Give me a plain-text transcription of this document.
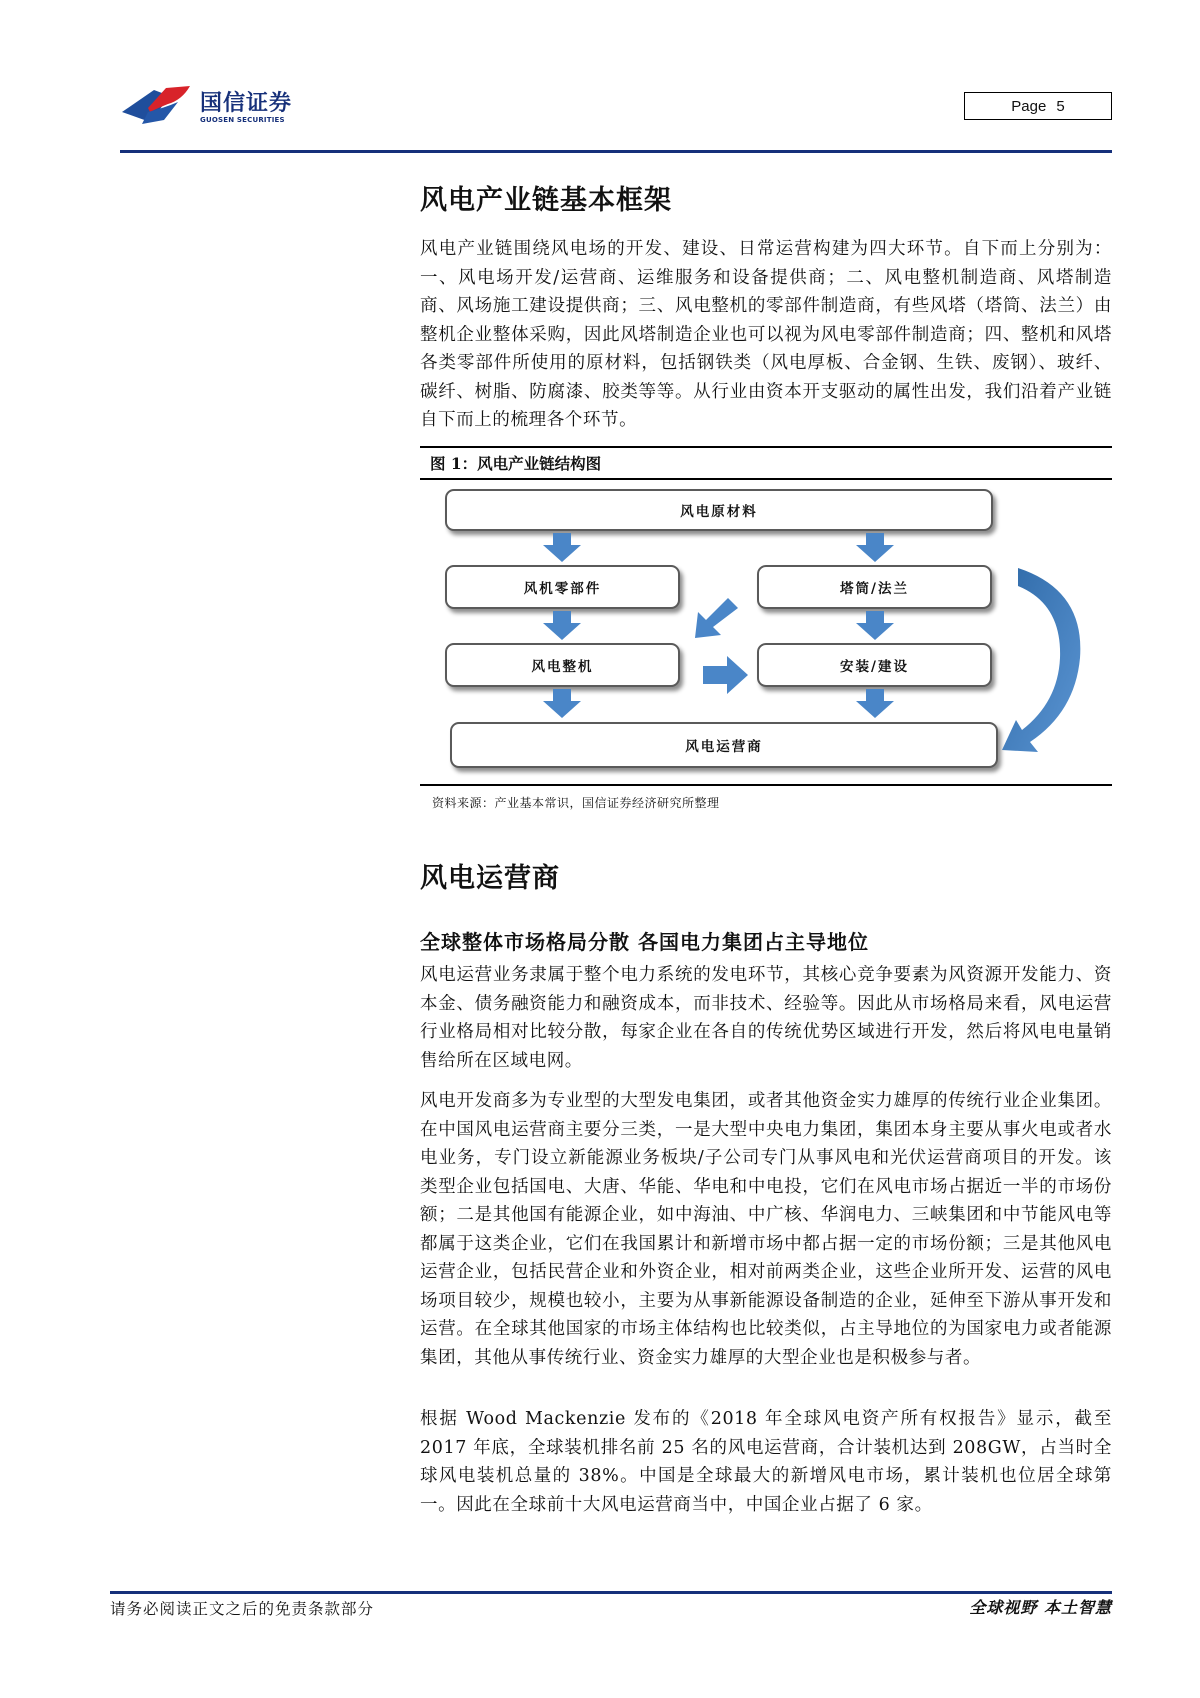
国信证券
GUOSEN SECURITIES
Page 5
风电产业链基本框架
风电产业链围绕风电场的开发、建设、日常运营构建为四大环节。自下而上分别为：一、风电场开发/运营商、运维服务和设备提供商；二、风电整机制造商、风塔制造商、风场施工建设提供商；三、风电整机的零部件制造商，有些风塔（塔筒、法兰）由整机企业整体采购，因此风塔制造企业也可以视为风电零部件制造商；四、整机和风塔各类零部件所使用的原材料，包括钢铁类（风电厚板、合金钢、生铁、废钢）、玻纤、碳纤、树脂、防腐漆、胶类等等。从行业由资本开支驱动的属性出发，我们沿着产业链自下而上的梳理各个环节。
图 1：风电产业链结构图
风电原材料
风机零部件	塔筒/法兰
风电整机	安装/建设
风电运营商
资料来源：产业基本常识，国信证券经济研究所整理
风电运营商
全球整体市场格局分散 各国电力集团占主导地位
风电运营业务隶属于整个电力系统的发电环节，其核心竞争要素为风资源开发能力、资本金、债务融资能力和融资成本，而非技术、经验等。因此从市场格局来看，风电运营行业格局相对比较分散，每家企业在各自的传统优势区域进行开发，然后将风电电量销售给所在区域电网。
风电开发商多为专业型的大型发电集团，或者其他资金实力雄厚的传统行业企业集团。在中国风电运营商主要分三类，一是大型中央电力集团，集团本身主要从事火电或者水电业务，专门设立新能源业务板块/子公司专门从事风电和光伏运营商项目的开发。该类型企业包括国电、大唐、华能、华电和中电投，它们在风电市场占据近一半的市场份额；二是其他国有能源企业，如中海油、中广核、华润电力、三峡集团和中节能风电等都属于这类企业，它们在我国累计和新增市场中都占据一定的市场份额；三是其他风电运营企业，包括民营企业和外资企业，相对前两类企业，这些企业所开发、运营的风电场项目较少，规模也较小，主要为从事新能源设备制造的企业，延伸至下游从事开发和运营。在全球其他国家的市场主体结构也比较类似，占主导地位的为国家电力或者能源集团，其他从事传统行业、资金实力雄厚的大型企业也是积极参与者。
根据 Wood Mackenzie 发布的《2018 年全球风电资产所有权报告》显示，截至 2017 年底，全球装机排名前 25 名的风电运营商，合计装机达到 208GW，占当时全球风电装机总量的 38%。中国是全球最大的新增风电市场，累计装机也位居全球第一。因此在全球前十大风电运营商当中，中国企业占据了 6 家。
请务必阅读正文之后的免责条款部分	全球视野 本土智慧
